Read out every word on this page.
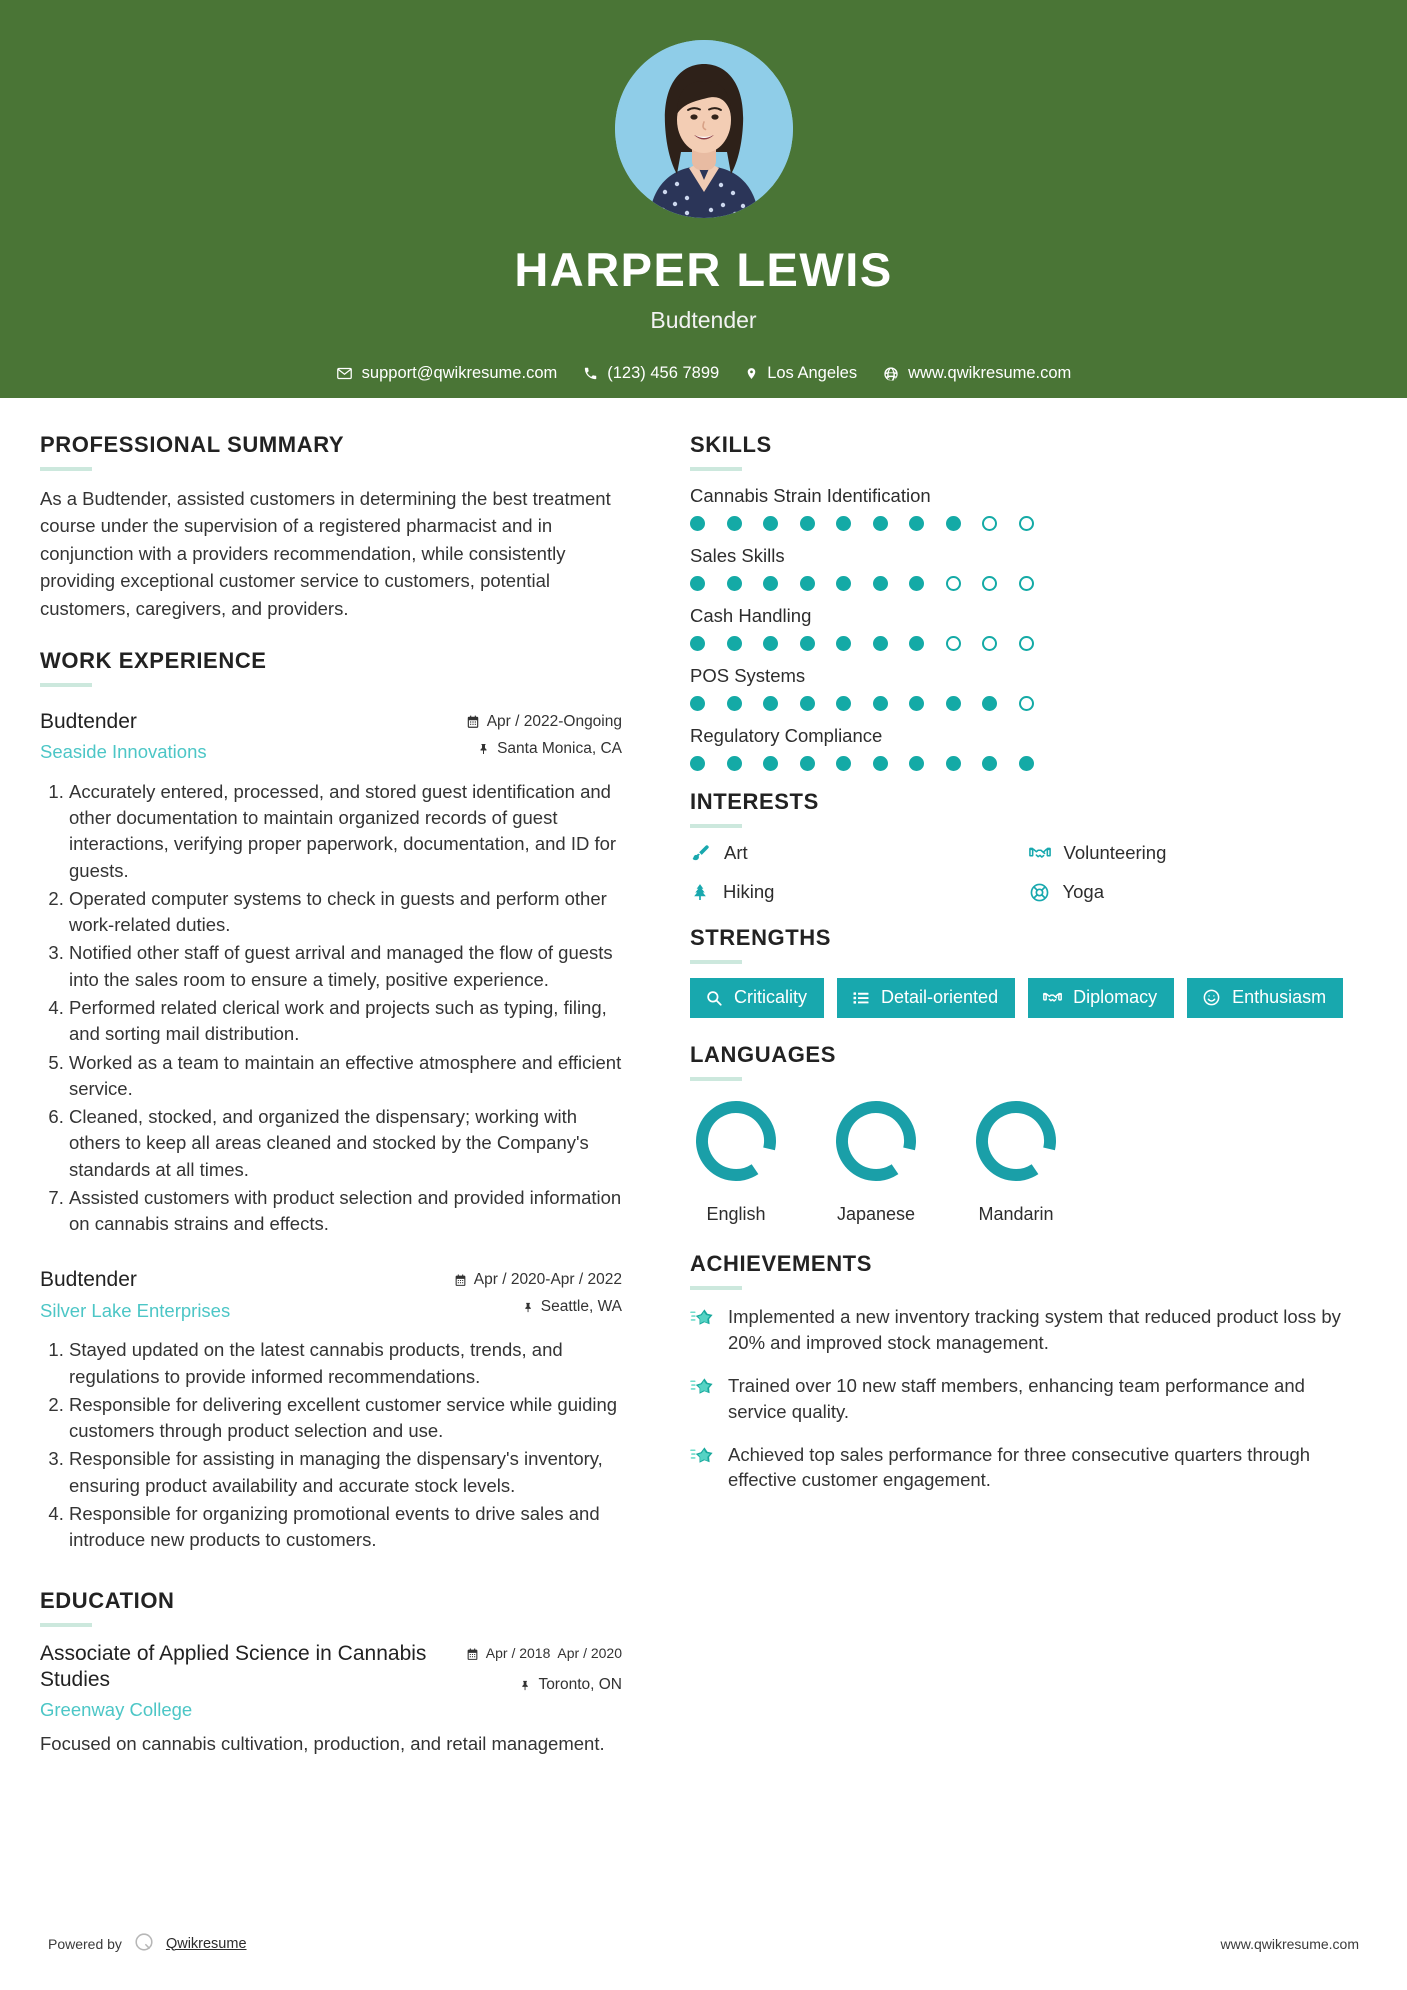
HARPER LEWIS
Budtender
support@qwikresume.com	(123) 456 7899	Los Angeles	www.qwikresume.com
PROFESSIONAL SUMMARY
As a Budtender, assisted customers in determining the best treatment course under the supervision of a registered pharmacist and in conjunction with a providers recommendation, while consistently providing exceptional customer service to customers, potential customers, caregivers, and providers.
WORK EXPERIENCE
Budtender
Seaside Innovations
Apr / 2022-Ongoing
Santa Monica, CA
1. Accurately entered, processed, and stored guest identification and other documentation to maintain organized records of guest interactions, verifying proper paperwork, documentation, and ID for guests.
2. Operated computer systems to check in guests and perform other work-related duties.
3. Notified other staff of guest arrival and managed the flow of guests into the sales room to ensure a timely, positive experience.
4. Performed related clerical work and projects such as typing, filing, and sorting mail distribution.
5. Worked as a team to maintain an effective atmosphere and efficient service.
6. Cleaned, stocked, and organized the dispensary; working with others to keep all areas cleaned and stocked by the Company's standards at all times.
7. Assisted customers with product selection and provided information on cannabis strains and effects.
Budtender
Silver Lake Enterprises
Apr / 2020-Apr / 2022
Seattle, WA
1. Stayed updated on the latest cannabis products, trends, and regulations to provide informed recommendations.
2. Responsible for delivering excellent customer service while guiding customers through product selection and use.
3. Responsible for assisting in managing the dispensary's inventory, ensuring product availability and accurate stock levels.
4. Responsible for organizing promotional events to drive sales and introduce new products to customers.
EDUCATION
Associate of Applied Science in Cannabis Studies
Greenway College
Apr / 2018 Apr / 2020
Toronto, ON
Focused on cannabis cultivation, production, and retail management.
SKILLS
Cannabis Strain Identification
Sales Skills
Cash Handling
POS Systems
Regulatory Compliance
INTERESTS
Art	Volunteering
Hiking	Yoga
STRENGTHS
Criticality	Detail-oriented	Diplomacy	Enthusiasm
LANGUAGES
English	Japanese	Mandarin
ACHIEVEMENTS
Implemented a new inventory tracking system that reduced product loss by 20% and improved stock management.
Trained over 10 new staff members, enhancing team performance and service quality.
Achieved top sales performance for three consecutive quarters through effective customer engagement.
Powered by	Qwikresume	www.qwikresume.com
